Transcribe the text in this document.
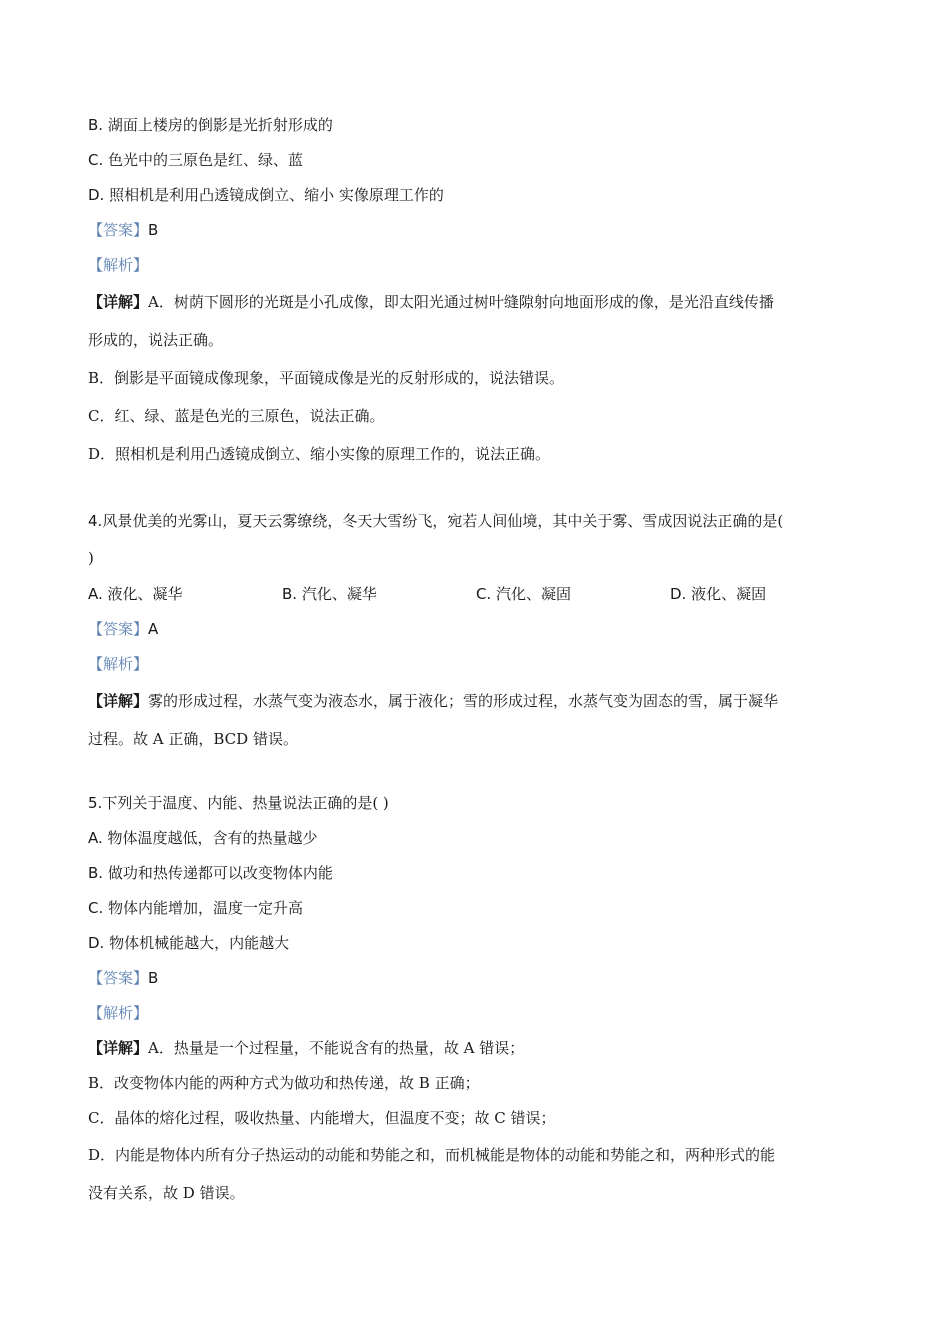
B. 湖面上楼房的倒影是光折射形成的
C. 色光中的三原色是红、绿、蓝
D. 照相机是利用凸透镜成倒立、缩小 实像原理工作的
【答案】B
【解析】
【详解】A．树荫下圆形的光斑是小孔成像，即太阳光通过树叶缝隙射向地面形成的像，是光沿直线传播
形成的，说法正确。
B．倒影是平面镜成像现象，平面镜成像是光的反射形成的，说法错误。
C．红、绿、蓝是色光的三原色，说法正确。
D．照相机是利用凸透镜成倒立、缩小实像的原理工作的，说法正确。
4.风景优美的光雾山，夏天云雾缭绕，冬天大雪纷飞，宛若人间仙境，其中关于雾、雪成因说法正确的是(
)
A. 液化、凝华	B. 汽化、凝华	C. 汽化、凝固	D. 液化、凝固
【答案】A
【解析】
【详解】雾的形成过程，水蒸气变为液态水，属于液化；雪的形成过程，水蒸气变为固态的雪，属于凝华
过程。故 A 正确，BCD 错误。
5.下列关于温度、内能、热量说法正确的是( )
A. 物体温度越低，含有的热量越少
B. 做功和热传递都可以改变物体内能
C. 物体内能增加，温度一定升高
D. 物体机械能越大，内能越大
【答案】B
【解析】
【详解】A．热量是一个过程量，不能说含有的热量，故 A 错误；
B．改变物体内能的两种方式为做功和热传递，故 B 正确；
C．晶体的熔化过程，吸收热量、内能增大，但温度不变；故 C 错误；
D．内能是物体内所有分子热运动的动能和势能之和，而机械能是物体的动能和势能之和，两种形式的能
没有关系，故 D 错误。
